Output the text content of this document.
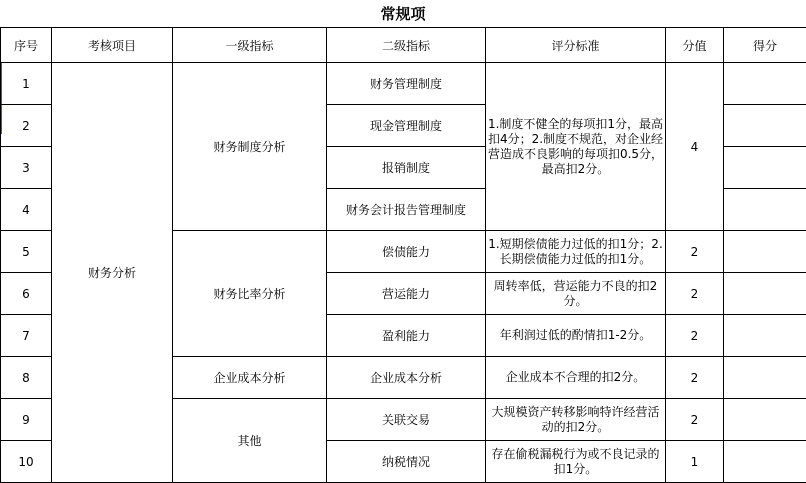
常规项
序号	考核项目	一级指标	二级指标	评分标准	分值	得分
1	财务分析	财务制度分析	财务管理制度	1.制度不健全的每项扣1分，最高扣4分；2.制度不规范，对企业经营造成不良影响的每项扣0.5分，最高扣2分。	4	
2			现金管理制度			
3			报销制度			
4			财务会计报告管理制度			
5		财务比率分析	偿债能力	1.短期偿债能力过低的扣1分；2.长期偿债能力过低的扣1分。	2	
6			营运能力	周转率低，营运能力不良的扣2分。	2	
7			盈利能力	年利润过低的酌情扣1-2分。	2	
8		企业成本分析	企业成本分析	企业成本不合理的扣2分。	2	
9		其他	关联交易	大规模资产转移影响特许经营活动的扣2分。	2	
10			纳税情况	存在偷税漏税行为或不良记录的扣1分。	1	
